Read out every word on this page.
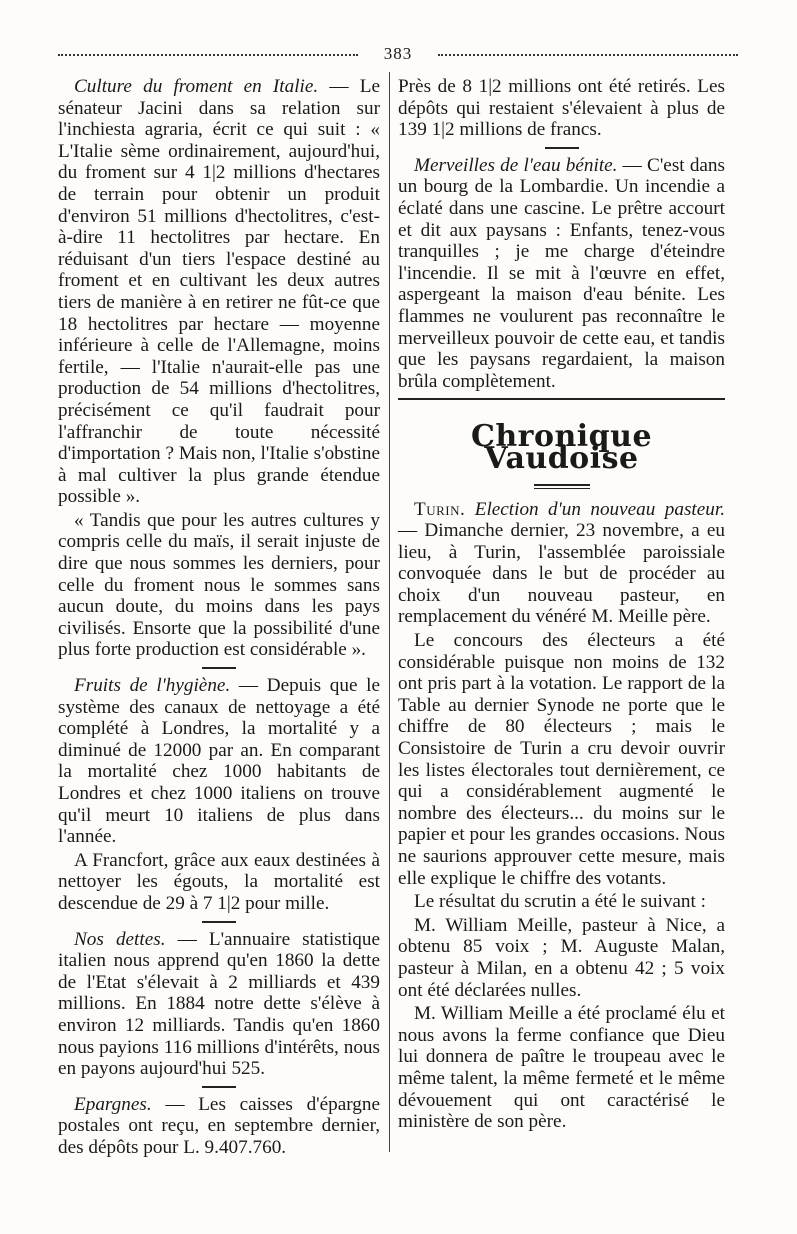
383

Culture du froment en Italie. — Le sénateur Jacini dans sa relation sur l'inchiesta agraria, écrit ce qui suit : « L'Italie sème ordinairement, aujourd'hui, du froment sur 4 1|2 millions d'hectares de terrain pour obtenir un produit d'environ 51 millions d'hectolitres, c'est-à-dire 11 hectolitres par hectare. En réduisant d'un tiers l'espace destiné au froment et en cultivant les deux autres tiers de manière à en retirer ne fût-ce que 18 hectolitres par hectare — moyenne inférieure à celle de l'Allemagne, moins fertile, — l'Italie n'aurait-elle pas une production de 54 millions d'hectolitres, précisément ce qu'il faudrait pour l'affranchir de toute nécessité d'importation ? Mais non, l'Italie s'obstine à mal cultiver la plus grande étendue possible ».

« Tandis que pour les autres cultures y compris celle du maïs, il serait injuste de dire que nous sommes les derniers, pour celle du froment nous le sommes sans aucun doute, du moins dans les pays civilisés. Ensorte que la possibilité d'une plus forte production est considérable ».

Fruits de l'hygiène. — Depuis que le système des canaux de nettoyage a été complété à Londres, la mortalité y a diminué de 12000 par an. En comparant la mortalité chez 1000 habitants de Londres et chez 1000 italiens on trouve qu'il meurt 10 italiens de plus dans l'année.

A Francfort, grâce aux eaux destinées à nettoyer les égouts, la mortalité est descendue de 29 à 7 1|2 pour mille.

Nos dettes. — L'annuaire statistique italien nous apprend qu'en 1860 la dette de l'Etat s'élevait à 2 milliards et 439 millions. En 1884 notre dette s'élève à environ 12 milliards. Tandis qu'en 1860 nous payions 116 millions d'intérêts, nous en payons aujourd'hui 525.

Epargnes. — Les caisses d'épargne postales ont reçu, en septembre dernier, des dépôts pour L. 9.407.760.

Près de 8 1|2 millions ont été retirés. Les dépôts qui restaient s'élevaient à plus de 139 1|2 millions de francs.

Merveilles de l'eau bénite. — C'est dans un bourg de la Lombardie. Un incendie a éclaté dans une cascine. Le prêtre accourt et dit aux paysans : Enfants, tenez-vous tranquilles ; je me charge d'éteindre l'incendie. Il se mit à l'œuvre en effet, aspergeant la maison d'eau bénite. Les flammes ne voulurent pas reconnaître le merveilleux pouvoir de cette eau, et tandis que les paysans regardaient, la maison brûla complètement.

Chronique Vaudoise

Turin. Election d'un nouveau pasteur. — Dimanche dernier, 23 novembre, a eu lieu, à Turin, l'assemblée paroissiale convoquée dans le but de procéder au choix d'un nouveau pasteur, en remplacement du vénéré M. Meille père.

Le concours des électeurs a été considérable puisque non moins de 132 ont pris part à la votation. Le rapport de la Table au dernier Synode ne porte que le chiffre de 80 électeurs ; mais le Consistoire de Turin a cru devoir ouvrir les listes électorales tout dernièrement, ce qui a considérablement augmenté le nombre des électeurs... du moins sur le papier et pour les grandes occasions. Nous ne saurions approuver cette mesure, mais elle explique le chiffre des votants.

Le résultat du scrutin a été le suivant :

M. William Meille, pasteur à Nice, a obtenu 85 voix ; M. Auguste Malan, pasteur à Milan, en a obtenu 42 ; 5 voix ont été déclarées nulles.

M. William Meille a été proclamé élu et nous avons la ferme confiance que Dieu lui donnera de paître le troupeau avec le même talent, la même fermeté et le même dévouement qui ont caractérisé le ministère de son père.
